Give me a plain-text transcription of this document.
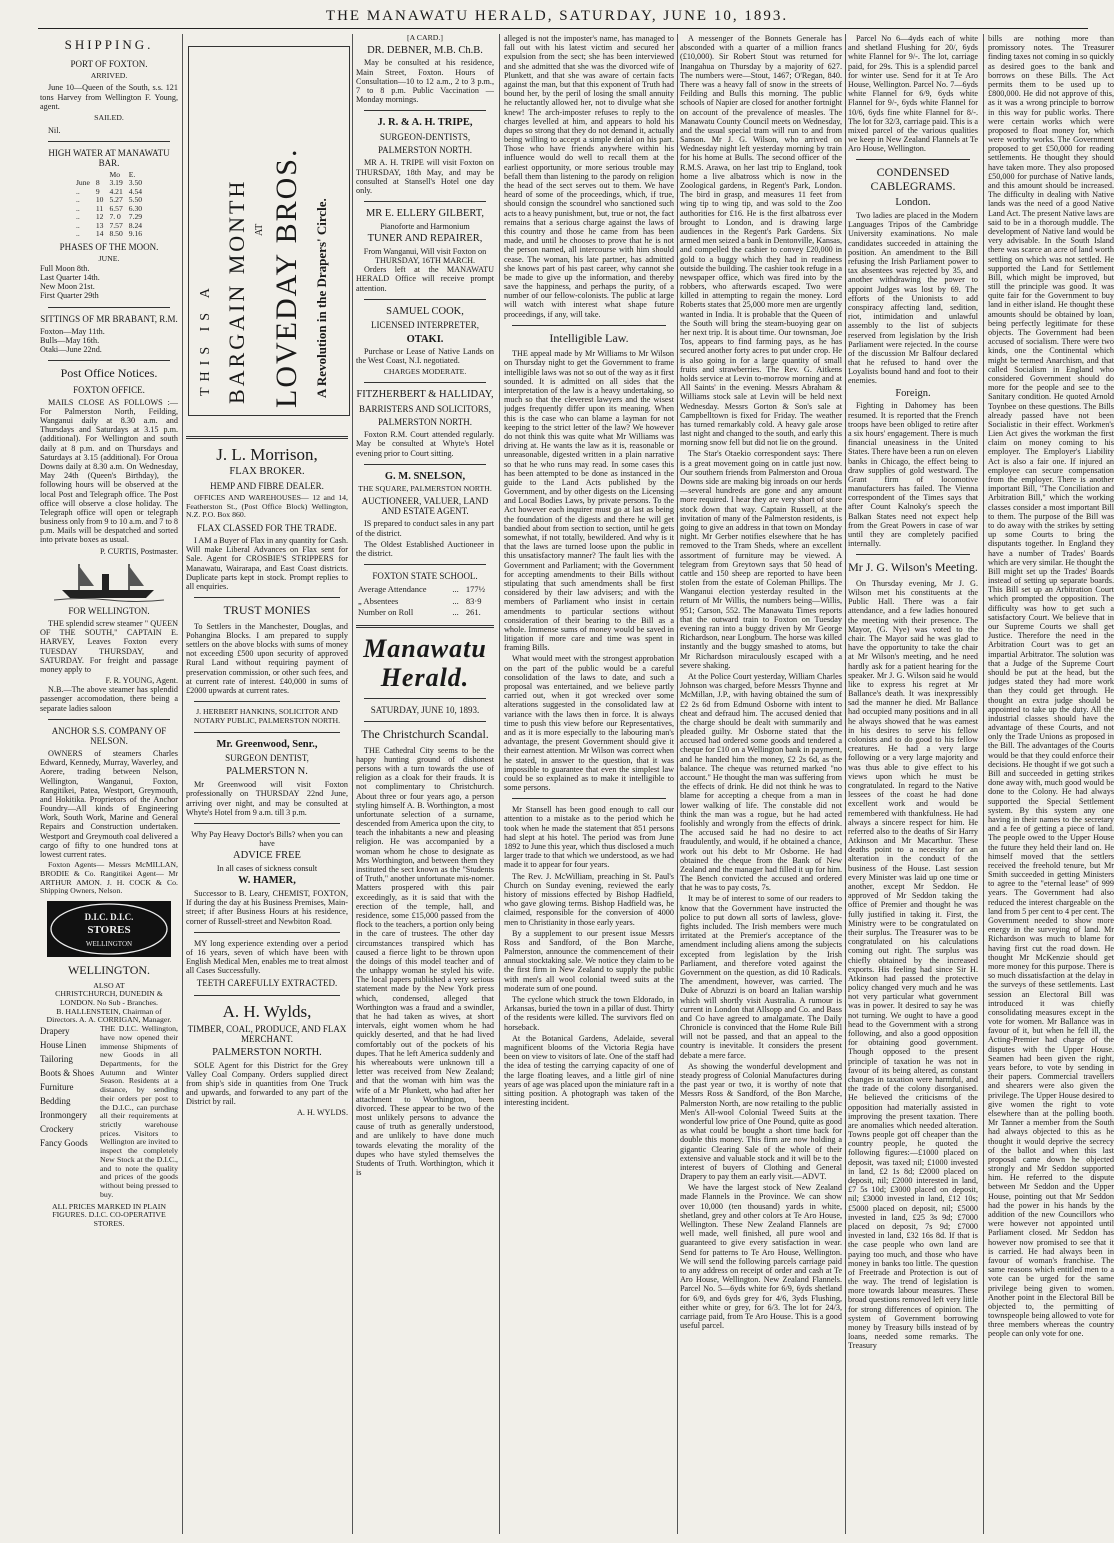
THE MANAWATU HERALD, SATURDAY, JUNE 10, 1893.
SHIPPING.
PORT OF FOXTON.
ARRIVED.

June 10—Queen of the South, s.s. 121 tons Harvey from Wellington F. Young, agent.

SAILED.

Nil.

HIGH WATER AT MANAWATU BAR.
		Mo	E.
June	8	3.19	3.50
..	9	4.21	4.54
..	10	5.27	5.50
..	11	6.57	6.30
..	12	7. 0	7.29
..	13	7.57	8.24
..	14	8.50	9.16
PHASES OF THE MOON.
JUNE.
Full Moon 8th.
Last Quarter 14th.
New Moon 21st.
First Quarter 29th
SITTINGS OF MR BRABANT, R.M.
Foxton—May 11th.
Bulls—May 16th.
Otaki—June 22nd.
Post Office Notices.
FOXTON OFFICE.

MAILS CLOSE AS FOLLOWS :— For Palmerston North, Feilding, Wanganui daily at 8.30 a.m. and Thursdays and Saturdays at 3.15 p.m. (additional). For Wellington and south daily at 8 p.m. and on Thursdays and Saturdays at 3.15 (additional). For Oroua Downs daily at 8.30 a.m. On Wednesday, May 24th (Queen's Birthday), the following hours will be observed at the local Post and Telegraph office. The Post office will observe a close holiday. The Telegraph office will open or telegraph business only from 9 to 10 a.m. and 7 to 8 p.m. Mails will be despatched and sorted into private boxes as usual.

P. CURTIS, Postmaster.
FOR WELLINGTON.

THE splendid screw steamer " QUEEN OF THE SOUTH," CAPTAIN E. HARVEY, Leaves Foxton every TUESDAY THURSDAY, and SATURDAY. For freight and passage money apply to

F. R. YOUNG, Agent.

N.B.—The above steamer has splendid passenger accomodation, there being a separate ladies saloon

ANCHOR S.S. COMPANY OF NELSON.

OWNERS of steamers Charles Edward, Kennedy, Murray, Waverley, and Aorere, trading between Nelson, Wellington, Wanganui, Foxton, Rangitikei, Patea, Westport, Greymouth, and Hokitika. Proprietors of the Anchor Foundry—All kinds of Engineering Work, South Work, Marine and General Repairs and Construction undertaken. Westport and Greymouth coal delivered a cargo of fifty to one hundred tons at lowest current rates.

Foxton Agents— Messrs McMILLAN, BRODIE & Co. Rangitikei Agent— Mr ARTHUR AMON. J. H. COCK & Co. Shipping Owners, Nelson.

D.I.C. D.I.C.
STORES
WELLINGTON
WELLINGTON.
ALSO AT
CHRISTCHURCH, DUNEDIN & LONDON. No Sub - Branches.
B. HALLENSTEIN, Chairman of Directors. A. A. CORRIGAN, Manager.
Drapery
House Linen
Tailoring
Boots & Shoes
Furniture
Bedding
Ironmongery
Crockery
Fancy Goods
THE D.I.C. Wellington, have now opened their immense Shipments of new Goods in all Departments, for the Autumn and Winter Season. Residents at a distance, by sending their orders per post to the D.I.C., can purchase all their requirements at strictly warehouse prices. Visitors to Wellington are invited to inspect the completely New Stock at the D.I.C., and to note the quality and prices of the goods without being pressed to buy.
ALL PRICES MARKED IN PLAIN FIGURES. D.I.C. CO-OPERATIVE STORES.
THIS IS A BARGAIN MONTH AT LOVEDAY BROS. A Revolution in the Drapers' Circle.
J. L. Morrison,
FLAX BROKER.
HEMP AND FIBRE DEALER.

OFFICES AND WAREHOUSES— 12 and 14, Featherston St., (Post Office Block) Wellington, N.Z. P.O. Box 860.

FLAX CLASSED FOR THE TRADE.

I AM a Buyer of Flax in any quantity for Cash. Will make Liberal Advances on Flax sent for Sale. Agent for CROSBIE'S STRIPPERS for Manawatu, Wairarapa, and East Coast districts. Duplicate parts kept in stock. Prompt replies to all enquiries.

TRUST MONIES

To Settlers in the Manchester, Douglas, and Pohangina Blocks. I am prepared to supply settlers on the above blocks with sums of money not exceeding £500 upon security of approved Rural Land without requiring payment of preservation commission, or other such fees, and at current rate of interest. £40,000 in sums of £2000 upwards at current rates.

J. HERBERT HANKINS, SOLICITOR AND NOTARY PUBLIC, PALMERSTON NORTH.
Mr. Greenwood, Senr.,
SURGEON DENTIST,
PALMERSTON N.

Mr Greenwood will visit Foxton professionally on THURSDAY 22nd June, arriving over night, and may be consulted at Whyte's Hotel from 9 a.m. till 3 p.m.

Why Pay Heavy Doctor's Bills? when you can have
ADVICE FREE
In all cases of sickness consult
W. HAMER,

Successor to B. Leary, CHEMIST, FOXTON, If during the day at his Business Premises, Main-street; if after Business Hours at his residence, corner of Russell-street and Newbiton Road.

MY long experience extending over a period of 16 years, seven of which have been with English Medical Men, enables me to treat almost all Cases Successfully.

TEETH CAREFULLY EXTRACTED.
A. H. Wylds,
TIMBER, COAL, PRODUCE, AND FLAX MERCHANT.
PALMERSTON NORTH.

SOLE Agent for this District for the Grey Valley Coal Company. Orders supplied direct from ship's side in quantities from One Truck and upwards, and forwarded to any part of the District by rail.

A. H. WYLDS.
[A CARD.]
DR. DEBNER, M.B. Ch.B.

May be consulted at his residence, Main Street, Foxton. Hours of Consultation—10 to 12 a.m., 2 to 3 p.m., 7 to 8 p.m. Public Vaccination — Monday mornings.

J. R. & A. H. TRIPE,
SURGEON-DENTISTS,
PALMERSTON NORTH.

MR A. H. TRIPE will visit Foxton on THURSDAY, 18th May, and may be consulted at Stansell's Hotel one day only.

MR E. ELLERY GILBERT,
Pianoforte and Harmonium
TUNER AND REPAIRER,
From Wanganui, Will visit Foxton on THURSDAY, 16TH MARCH.

Orders left at the MANAWATU HERALD Office will receive prompt attention.

SAMUEL COOK,
LICENSED INTERPRETER,
OTAKI.

Purchase or Lease of Native Lands on the West Coast, N.I. negotiated.

CHARGES MODERATE.
FITZHERBERT & HALLIDAY,
BARRISTERS AND SOLICITORS,
PALMERSTON NORTH.

Foxton R.M. Court attended regularly. May be consulted at Whyte's Hotel evening prior to Court sitting.

G. M. SNELSON,
THE SQUARE, PALMERSTON NORTH.
AUCTIONEER, VALUER, LAND AND ESTATE AGENT.

IS prepared to conduct sales in any part of the district.

The Oldest Established Auctioneer in the district.

FOXTON STATE SCHOOL.
Average Attendance	...	177½
„ Absentees	...	83·9
Number on Roll	...	261.
Manawatu Herald.
SATURDAY, JUNE 10, 1893.
The Christchurch Scandal.

THE Cathedral City seems to be the happy hunting ground of dishonest persons with a turn towards the use of religion as a cloak for their frauds. It is not complimentary to Christchurch. About three or four years ago, a person styling himself A. B. Worthington, a most unfortunate selection of a surname, descended from America upon the city, to teach the inhabitants a new and pleasing religion. He was accompanied by a woman whom he chose to designate as Mrs Worthington, and between them they instituted the sect known as the "Students of Truth," another unfortunate mis-nomer. Matters prospered with this pair exceedingly, as it is said that with the erection of the temple, hall, and residence, some £15,000 passed from the flock to the teachers, a portion only being in the care of trustees. The other day circumstances transpired which has caused a fierce light to be thrown upon the doings of this model teacher and of the unhappy woman he styled his wife. The local papers published a very serious statement made by the New York press which, condensed, alleged that Worthington was a fraud and a swindler, that he had taken as wives, at short intervals, eight women whom he had quickly deserted, and that he had lived comfortably out of the pockets of his dupes. That he left America suddenly and his whereabouts were unknown till a letter was received from New Zealand; and that the woman with him was the wife of a Mr Plunkett, who had after her attachment to Worthington, been divorced. These appear to be two of the most unlikely persons to advance the cause of truth as generally understood, and are unlikely to have done much towards elevating the morality of the dupes who have styled themselves the Students of Truth. Worthington, which it is

alleged is not the imposter's name, has managed to fall out with his latest victim and secured her expulsion from the sect; she has been interviewed and she admitted that she was the divorced wife of Plunkett, and that she was aware of certain facts against the man, but that this exponent of Truth had bound her, by the peril of losing the small annuity he reluctantly allowed her, not to divulge what she knew! The arch-imposter refuses to reply to the charges levelled at him, and appears to hold his dupes so strong that they do not demand it, actually being willing to accept a simple denial on his part. Those who have friends anywhere within his influence would do well to recall them at the earliest opportunity, or more serious trouble may befall them than listening to the parody on religion the head of the sect serves out to them. We have heard of some of the proceedings, which, if true, should consign the scoundrel who sanctioned such acts to a heavy punishment, but, true or not, the fact remains that a serious charge against the laws of this country and those he came from has been made, and until he chooses to prove that he is not the person named, all intercourse with him should cease. The woman, his late partner, has admitted she knows part of his past career, why cannot she be made to give up the information, and thereby save the happiness, and perhaps the purity, of a number of our fellow-colonists. The public at large will watch with interest what shape future proceedings, if any, will take.

Intelligible Law.

THE appeal made by Mr Williams to Mr Wilson on Thursday night to get the Government to frame intelligible laws was not so out of the way as it first sounded. It is admitted on all sides that the interpretation of the law is a heavy undertaking, so much so that the cleverest lawyers and the wisest judges frequently differ upon its meaning. When this is the case who can blame a layman for not keeping to the strict letter of the law? We however do not think this was quite what Mr Williams was driving at. He wants the law as it is, reasonable or unreasonable, digested written in a plain narrative so that he who runs may read. In some cases this has been attempted to be done as instanced in the guide to the Land Acts published by the Government, and by other digests on the Licensing and Local Bodies Laws, by private persons. To the Act however each inquirer must go at last as being the foundation of the digests and there he will get bandied about from section to section, until he gets somewhat, if not totally, bewildered. And why is it that the laws are turned loose upon the public in this unsatisfactory manner? The fault lies with the Government and Parliament; with the Government for accepting amendments to their Bills without stipulating that such amendments shall be first considered by their law advisers; and with the members of Parliament who insist in certain amendments to particular sections without consideration of their bearing to the Bill as a whole. Immense sums of money would be saved in litigation if more care and time was spent in framing Bills.

What would meet with the strongest approbation on the part of the public would be a careful consolidation of the laws to date, and such a proposal was entertained, and we believe partly carried out, when it got wrecked over some alterations suggested in the consolidated law at variance with the laws then in force. It is always time to push this view before our Representatives, and as it is more especially to the labouring man's advantage, the present Government should give it their earnest attention. Mr Wilson was correct when he stated, in answer to the question, that it was impossible to guarantee that even the simplest law could be so explained as to make it intelligible to some persons.

Mr Stansell has been good enough to call our attention to a mistake as to the period which he took when he made the statement that 851 persons had slept at his hotel. The period was from June 1892 to June this year, which thus disclosed a much larger trade to that which we understood, as we had made it to appear for four years.

The Rev. J. McWilliam, preaching in St. Paul's Church on Sunday evening, reviewed the early history of missions effected by Bishop Hadfield, who gave glowing terms. Bishop Hadfield was, he claimed, responsible for the conversion of 4000 men to Christianity in those early years.

By a supplement to our present issue Messrs Ross and Sandford, of the Bon Marche, Palmerston, announce the commencement of their annual stocktaking sale. We notice they claim to be the first firm in New Zealand to supply the public with men's all wool colonial tweed suits at the moderate sum of one pound.

The cyclone which struck the town Eldorado, in Arkansas, buried the town in a pillar of dust. Thirty of the residents were killed. The survivors fled on horseback.

At the Botanical Gardens, Adelaide, several magnificent blooms of the Victoria Regia have been on view to visitors of late. One of the staff had the idea of testing the carrying capacity of one of the large floating leaves, and a little girl of nine years of age was placed upon the miniature raft in a sitting position. A photograph was taken of the interesting incident.

A messenger of the Bonnets Generale has absconded with a quarter of a million francs (£10,000). Sir Robert Stout was returned for Inangahua on Thursday by a majority of 627. The numbers were—Stout, 1467; O'Regan, 840. There was a heavy fall of snow in the streets of Feilding and Bulls this morning. The public schools of Napier are closed for another fortnight on account of the prevalence of measles. The Manawatu County Council meets on Wednesday, and the usual special tram will run to and from Sanson. Mr J. G. Wilson, who arrived on Wednesday night left yesterday morning by train for his home at Bulls. The second officer of the R.M.S. Arawa, on her last trip to England, took home a live albatross which is now in the Zoological gardens, in Regent's Park, London. The bird in grasp, and measures 11 feet from wing tip to wing tip, and was sold to the Zoo authorities for £16. He is the first albatross ever brought to London, and is drawing large audiences in the Regent's Park Gardens. Six armed men seized a bank in Dentonville, Kansas, and compelled the cashier to convey £20,000 in gold to a buggy which they had in readiness outside the building. The cashier took refuge in a newspaper office, which was fired into by the robbers, who afterwards escaped. Two were killed in attempting to regain the money. Lord Roberts states that 25,000 more men are urgently wanted in India. It is probable that the Queen of the South will bring the steam-buoying gear on her next trip. It is about time. Our townsman, Joe Tos, appears to find farming pays, as he has secured another forty acres to put under crop. He is also going in for a large quantity of small fruits and strawberries. The Rev. G. Aitkens holds service at Levin to-morrow morning and at All Saints' in the evening. Messrs Abraham & Williams stock sale at Levin will be held next Wednesday. Messrs Gorton & Son's sale at Campbelltown is fixed for Friday. The weather has turned remarkably cold. A heavy gale arose last night and changed to the south, and early this morning snow fell but did not lie on the ground.

The Star's Otaekio correspondent says: There is a great movement going on in cattle just now. Our southern friends from Palmerston and Oroua Downs side are making big inroads on our herds—several hundreds are gone and any amount more required. I hear they are very short of store stock down that way. Captain Russell, at the invitation of many of the Palmerston residents, is going to give an address in that town on Monday night. Mr Gerber notifies elsewhere that he has removed to the Tram Sheds, where an excellent assortment of furniture may be viewed. A telegram from Greytown says that 50 head of cattle and 150 sheep are reported to have been stolen from the estate of Coleman Phillips. The Wanganui election yesterday resulted in the return of Mr Willis, the numbers being—Willis, 951; Carson, 552. The Manawatu Times reports that the outward train to Foxton on Tuesday evening ran into a buggy driven by Mr George Richardson, near Longburn. The horse was killed instantly and the buggy smashed to atoms, but Mr Richardson miraculously escaped with a severe shaking.

At the Police Court yesterday, William Charles Johnson was charged, before Messrs Thynne and McMillan, J.P., with having obtained the sum of £2 2s 6d from Edmund Osborne with intent to cheat and defraud him. The accused denied that the charge should be dealt with summarily and pleaded guilty. Mr Osborne stated that the accused had ordered some goods and tendered a cheque for £10 on a Wellington bank in payment, and he handed him the money, £2 2s 6d, as the balance. The cheque was returned marked "no account." He thought the man was suffering from the effects of drink. He did not think he was to blame for accepting a cheque from a man in lower walking of life. The constable did not think the man was a rogue, but he had acted foolishly and wrongly from the effects of drink. The accused said he had no desire to act fraudulently, and would, if he obtained a chance, work out his debt to Mr Osborne. He had obtained the cheque from the Bank of New Zealand and the manager had filled it up for him. The Bench convicted the accused and ordered that he was to pay costs, 7s.

It may be of interest to some of our readers to know that the Government have instructed the police to put down all sorts of lawless, glove-fights included. The Irish members were much irritated at the Premier's acceptance of the amendment including aliens among the subjects excepted from legislation by the Irish Parliament, and therefore voted against the Government on the question, as did 10 Radicals. The amendment, however, was carried. The Duke of Abruzzi is on board an Italian warship which will shortly visit Australia. A rumour is current in London that Allsopp and Co. and Bass and Co have agreed to amalgamate. The Daily Chronicle is convinced that the Home Rule Bill will not be passed, and that an appeal to the country is inevitable. It considers the present debate a mere farce.

As showing the wonderful development and steady progress of Colonial Manufactures during the past year or two, it is worthy of note that Messrs Ross & Sandford, of the Bon Marche, Palmerston North, are now retailing to the public Men's All-wool Colonial Tweed Suits at the wonderful low price of One Pound, quite as good as what could be bought a short time back for double this money. This firm are now holding a gigantic Clearing Sale of the whole of their extensive and valuable stock and it will be to the interest of buyers of Clothing and General Drapery to pay them an early visit.—ADVT.

We have the largest stock of New Zealand made Flannels in the Province. We can show over 10,000 (ten thousand) yards in white, shetland, grey and other colors at Te Aro House, Wellington. These New Zealand Flannels are well made, well finished, all pure wool and guaranteed to give every satisfaction in wear. Send for patterns to Te Aro House, Wellington. We will send the following parcels carriage paid to any address on receipt of order and cash at Te Aro House, Wellington. New Zealand Flannels. Parcel No. 5—6yds white for 6/9, 6yds shetland for 6/9, and 6yds grey for 4/6, 3yds Flushing, either white or grey, for 6/3. The lot for 24/3, carriage paid, from Te Aro House. This is a good useful parcel.

Parcel No 6—4yds each of white and shetland Flushing for 20/, 6yds white Flannel for 9/-. The lot, carriage paid, for 29s. This is a splendid parcel for winter use. Send for it at Te Aro House, Wellington. Parcel No. 7—6yds white Flannel for 6/9, 6yds white Flannel for 9/-, 6yds white Flannel for 10/6, 6yds fine white Flannel for 8/-. The lot for 32/3, carriage paid. This is a mixed parcel of the various qualities we keep in New Zealand Flannels at Te Aro House, Wellington.

CONDENSED CABLEGRAMS.
London.

Two ladies are placed in the Modern Languages Tripos of the Cambridge University examinations. No male candidates succeeded in attaining the position. An amendment to the Bill refusing the Irish Parliament power to tax absentees was rejected by 35, and another withdrawing the power to appoint Judges was lost by 69. The efforts of the Unionists to add conspiracy affecting land, sedition, riot, intimidation and unlawful assembly to the list of subjects reserved from legislation by the Irish Parliament were rejected. In the course of the discussion Mr Balfour declared that he refused to hand over the Loyalists bound hand and foot to their enemies.

Foreign.

Fighting in Dahomey has been resumed. It is reported that the French troops have been obliged to retire after a six hours' engagement. There is much financial uneasiness in the United States. There have been a run on eleven banks in Chicago, the effect being to draw supplies of gold westward. The Grant firm of locomotive manufacturers has failed. The Vienna correspondent of the Times says that after Count Kalnoky's speech the Balkan States need not expect help from the Great Powers in case of war until they are completely pacified internally.

Mr J. G. Wilson's Meeting.

On Thursday evening, Mr J. G. Wilson met his constituents at the Public Hall. There was a fair attendance, and a few ladies honoured the meeting with their presence. The Mayor, (G. Nye) was voted to the chair. The Mayor said he was glad to have the opportunity to take the chair at Mr Wilson's meeting, and he need hardly ask for a patient hearing for the speaker. Mr J. G. Wilson said he would like to express his regret at Mr Ballance's death. It was inexpressibly sad the manner he died. Mr Ballance had occupied many positions and in all he always showed that he was earnest in his desires to serve his fellow colonists and to do good to his fellow creatures. He had a very large following or a very large majority and was thus able to give effect to his views upon which he must be congratulated. In regard to the Native lessees of the coast he had done excellent work and would be remembered with thankfulness. He had always a sincere respect for him. He referred also to the deaths of Sir Harry Atkinson and Mr Macarthur. These deaths point to a necessity for an alteration in the conduct of the business of the House. Last session every Minister was laid up one time or another, except Mr Seddon. He approved of Mr Seddon taking the office of Premier and thought he was fully justified in taking it. First, the Ministry were to be congratulated on their surplus. The Treasurer was to be congratulated on his calculations coming out right. The surplus was chiefly obtained by the increased exports. His feeling had since Sir H. Atkinson had passed the protective policy changed very much and he was not very particular what government was in power. It desired to say he was not turning. We ought to have a good head to the Government with a strong following, and also a good opposition for obtaining good government. Though opposed to the present principle of taxation he was not in favour of its being altered, as constant changes in taxation were harmful, and the trade of the colony disorganised. He believed the criticisms of the opposition had materially assisted in improving the present taxation. There are anomalies which needed alteration. Towns people got off cheaper than the country people, he quoted the following figures:—£1000 placed on deposit, was taxed nil; £1000 invested in land, £2 1s 8d; £2000 placed on deposit, nil; £2000 interested in land, £7 5s 10d; £3000 placed on deposit, nil; £3000 invested in land, £12 10s; £5000 placed on deposit, nil; £5000 invested in land, £25 3s 9d; £7000 placed on deposit, 7s 9d; £7000 invested in land, £32 16s 8d. If that is the case people who own land are paying too much, and those who have money in banks too little. The question of Freetrade and Protection is out of the way. The trend of legislation is more towards labour measures. These broad questions removed left very little for strong differences of opinion. The system of Government borrowing money by Treasury bills instead of by loans, needed some remarks. The Treasury

bills are nothing more than promissory notes. The Treasurer finding taxes not coming in so quickly as desired goes to the bank and borrows on these Bills. The Act permits them to be used up to £800,000. He did not approve of this, as it was a wrong principle to borrow in this way for public works. There were certain works which were proposed to float money for, which were worthy works. The Government proposed to get £50,000 for reading settlements. He thought they should have taken more. They also proposed £50,000 for purchase of Native lands, and this amount should be increased. The difficulty in dealing with Native lands was the need of a good Native Land Act. The present Native laws are said to be in a thorough muddle. The development of Native land would be very advisable. In the South Island there was scarce an acre of land worth settling on which was not settled. He supported the Land for Settlement Bill, which might be improved, but still the principle was good. It was quite fair for the Government to buy land in either island. He thought these amounts should be obtained by loan, being perfectly legitimate for these objects. The Government had been accused of socialism. There were two kinds, one the Continental which might be termed Anarchism, and that called Socialism in England who considered Government should do more for the people and see to the Sanitary condition. He quoted Arnold Toynbee on these questions. The Bills already passed have not been Socialistic in their effect. Workmen's Lien Act gives the workman the first claim on money coming to his employer. The Employer's Liability Act is also a fair one. If injured an employee can secure compensation from the employer. There is another important Bill, "The Conciliation and Arbitration Bill," which the working classes consider a most important Bill to them. The purpose of the Bill was to do away with the strikes by setting up some Courts to bring the disputants together. In England they have a number of Trades' Boards which are very similar. He thought the Bill might set up the Trades' Boards instead of setting up separate boards. This Bill set up an Arbitration Court which prompted the opposition. The difficulty was how to get such a satisfactory Court. We believe that in our Supreme Courts we shall get Justice. Therefore the need in the Arbitration Court was to get an impartial Arbitrator. The solution was that a Judge of the Supreme Court should be put at the head, but the judges stated they had more work than they could get through. He thought an extra judge should be appointed to take up the duty. All the industrial classes should have the advantage of these Courts, and not only the Trade Unions as proposed in the Bill. The advantages of the Courts would be that they could enforce their decisions. He thought if we got such a Bill and succeeded in getting strikes done away with, much good would be done to the Colony. He had always supported the Special Settlement system. By this system any one having in their names to the secretary and a fee of getting a piece of land. The people owed to the Upper House the future they held their land on. He himself moved that the settlers received the freehold tenure, but Mr Smith succeeded in getting Ministers to agree to the "eternal lease" of 999 years. The Government had also reduced the interest chargeable on the land from 5 per cent to 4 per cent. The Government needed to show more energy in the surveying of land. Mr Richardson was much to blame for having first cut the road down. He thought Mr McKenzie should get more money for this purpose. There is so much dissatisfaction at the delay in the surveys of these settlements. Last session an Electoral Bill was introduced it was chiefly consolidating measures except in the vote for women. Mr Ballance was in favour of it, but when he fell ill, the Acting-Premier had charge of the disputes with the Upper House. Seamen had been given the right, years before, to vote by sending in their papers. Commercial travellers and shearers were also given the privilege. The Upper House desired to give women the right to vote elsewhere than at the polling booth. Mr Tanner a member from the South had always objected to this as he thought it would deprive the secrecy of the ballot and when this last proposal came down he objected strongly and Mr Seddon supported him. He referred to the dispute between Mr Seddon and the Upper House, pointing out that Mr Seddon had the power in his hands by the addition of the new Councillors who were however not appointed until Parliament closed. Mr Seddon has however now promised to see that it is carried. He had always been in favour of woman's franchise. The same reasons which entitled men to a vote can be urged for the same privilege being given to women. Another point in the Electoral Bill be objected to, the permitting of townspeople being allowed to vote for three members whereas the country people can only vote for one.
